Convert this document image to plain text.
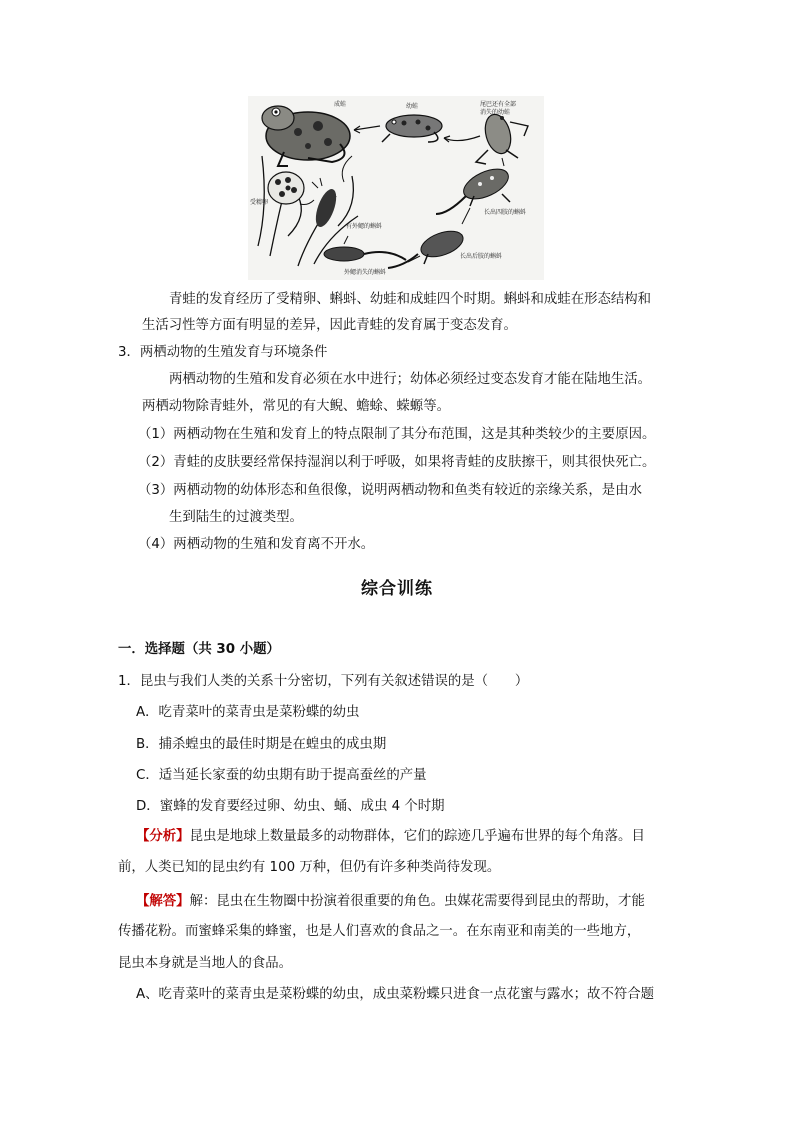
成蛙	幼蛙	尾巴还有全部
消失的幼蛙
受精卵
有外鳃的蝌蚪
外鳃消失的蝌蚪
长出后肢的蝌蚪
长出四肢的蝌蚪
青蛙的发育经历了受精卵、蝌蚪、幼蛙和成蛙四个时期。蝌蚪和成蛙在形态结构和
生活习性等方面有明显的差异，因此青蛙的发育属于变态发育。
3．两栖动物的生殖发育与环境条件
两栖动物的生殖和发育必须在水中进行；幼体必须经过变态发育才能在陆地生活。
两栖动物除青蛙外，常见的有大鲵、蟾蜍、蝾螈等。
（1）两栖动物在生殖和发育上的特点限制了其分布范围，这是其种类较少的主要原因。
（2）青蛙的皮肤要经常保持湿润以利于呼吸，如果将青蛙的皮肤擦干，则其很快死亡。
（3）两栖动物的幼体形态和鱼很像，说明两栖动物和鱼类有较近的亲缘关系，是由水
生到陆生的过渡类型。
（4）两栖动物的生殖和发育离不开水。
综合训练
一．选择题（共 30 小题）
1．昆虫与我们人类的关系十分密切，下列有关叙述错误的是（　　）
A．吃青菜叶的菜青虫是菜粉蝶的幼虫
B．捕杀蝗虫的最佳时期是在蝗虫的成虫期
C．适当延长家蚕的幼虫期有助于提高蚕丝的产量
D．蜜蜂的发育要经过卵、幼虫、蛹、成虫 4 个时期
【分析】昆虫是地球上数量最多的动物群体，它们的踪迹几乎遍布世界的每个角落。目
前，人类已知的昆虫约有 100 万种，但仍有许多种类尚待发现。
【解答】解：昆虫在生物圈中扮演着很重要的角色。虫媒花需要得到昆虫的帮助，才能
传播花粉。而蜜蜂采集的蜂蜜，也是人们喜欢的食品之一。在东南亚和南美的一些地方，
昆虫本身就是当地人的食品。
A、吃青菜叶的菜青虫是菜粉蝶的幼虫，成虫菜粉蝶只进食一点花蜜与露水；故不符合题
